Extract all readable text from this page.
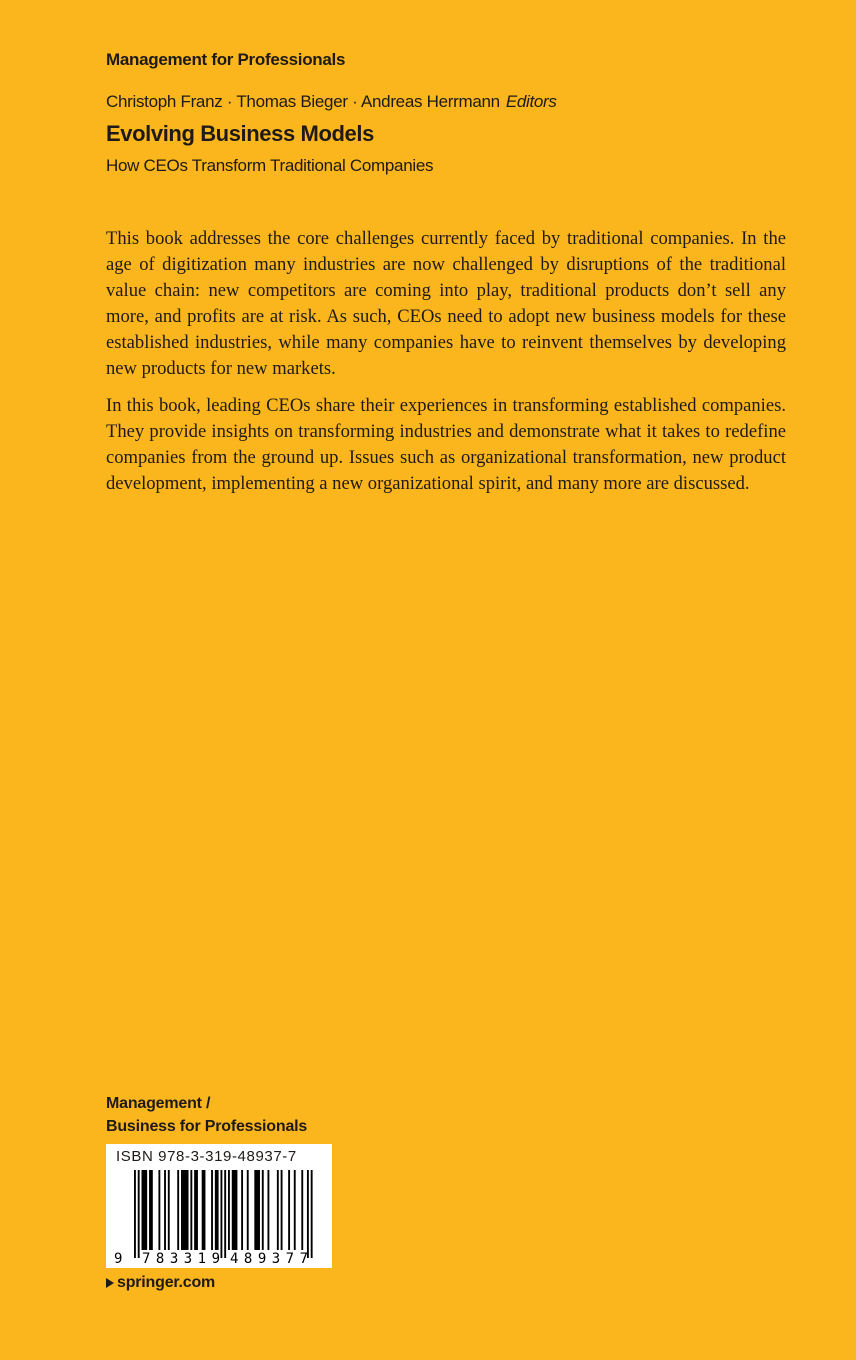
Management for Professionals
Christoph Franz · Thomas Bieger · Andreas Herrmann Editors
Evolving Business Models
How CEOs Transform Traditional Companies

This book addresses the core challenges currently faced by traditional companies. In the age of digitization many industries are now challenged by disruptions of the traditional value chain: new competitors are coming into play, traditional products don’t sell any more, and profits are at risk. As such, CEOs need to adopt new business models for these established industries, while many companies have to reinvent themselves by developing new products for new markets.

In this book, leading CEOs share their experiences in transforming established companies. They provide insights on transforming industries and demonstrate what it takes to redefine companies from the ground up. Issues such as organizational transformation, new product development, implementing a new organizational spirit, and many more are discussed.

Management /
Business for Professionals
ISBN 978-3-319-48937-7
9 783319 489377
springer.com
